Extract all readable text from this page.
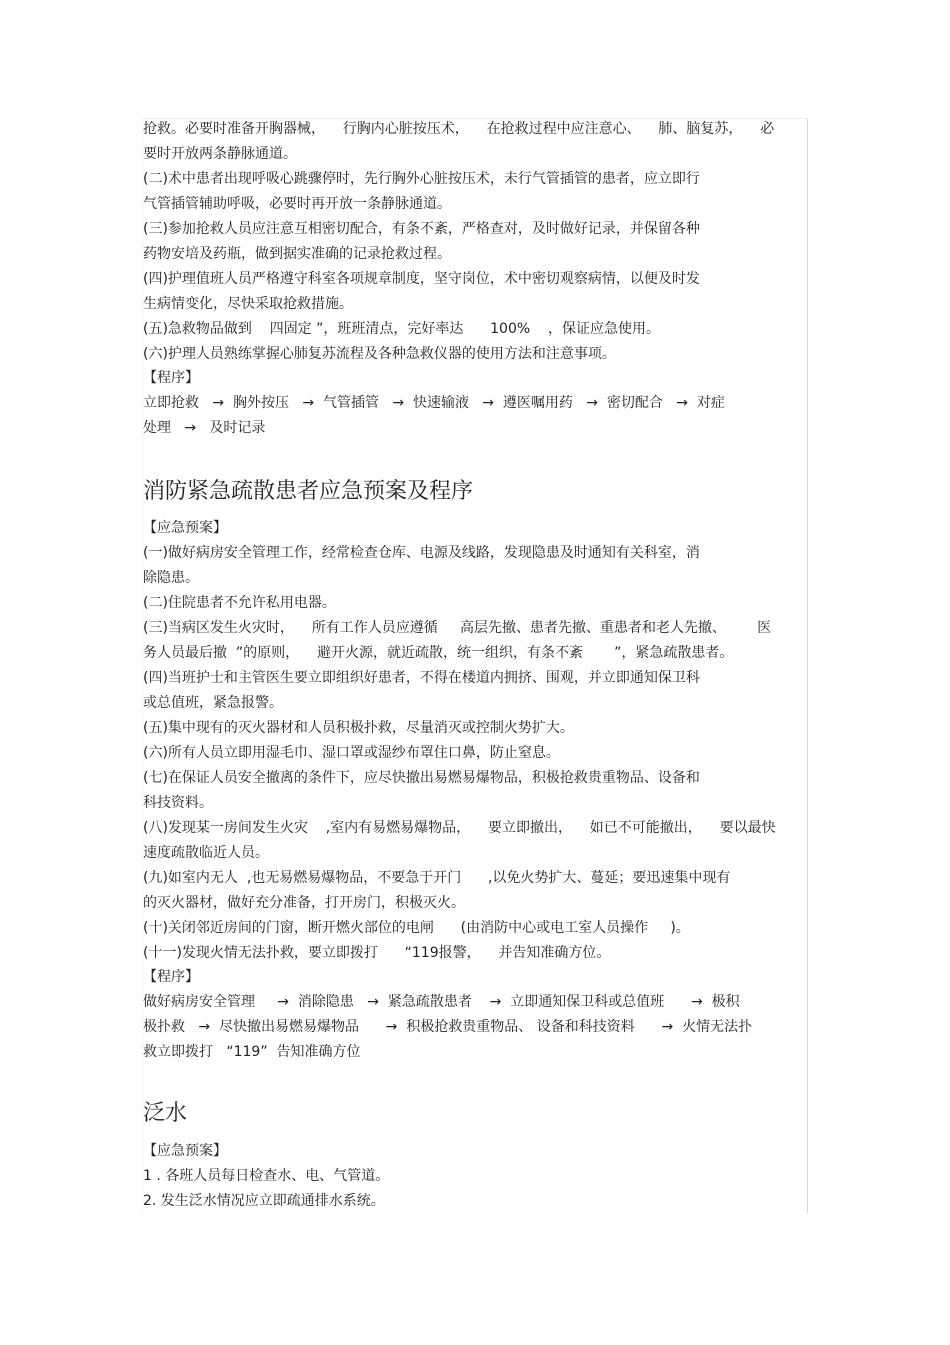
抢救。必要时准备开胸器械，    行胸内心脏按压术，    在抢救过程中应注意心、    肺、脑复苏，    必
要时开放两条静脉通道。
(二)术中患者出现呼吸心跳骤停时，先行胸外心脏按压术，未行气管插管的患者，应立即行
气管插管辅助呼吸，必要时再开放一条静脉通道。
(三)参加抢救人员应注意互相密切配合，有条不紊，严格查对，及时做好记录，并保留各种
药物安培及药瓶，做到据实准确的记录抢救过程。
(四)护理值班人员严格遵守科室各项规章制度，坚守岗位，术中密切观察病情，以便及时发
生病情变化，尽快采取抢救措施。
(五)急救物品做到    四固定 ”，班班清点，完好率达      100%    ，保证应急使用。
(六)护理人员熟练掌握心肺复苏流程及各种急救仪器的使用方法和注意事项。
【程序】
立即抢救   →  胸外按压   →  气管插管   →  快速输液   →  遵医嘱用药   →  密切配合   →  对症
处理   →   及时记录
消防紧急疏散患者应急预案及程序
【应急预案】
(一)做好病房安全管理工作，经常检查仓库、电源及线路，发现隐患及时通知有关科室，消
除隐患。
(二)住院患者不允许私用电器。
(三)当病区发生火灾时，    所有工作人员应遵循     高层先撤、患者先撤、重患者和老人先撤、       医
务人员最后撤  ”的原则，    避开火源，就近疏散，统一组织，有条不紊       ”，紧急疏散患者。
(四)当班护士和主管医生要立即组织好患者，不得在楼道内拥挤、围观，并立即通知保卫科
或总值班，紧急报警。
(五)集中现有的灭火器材和人员积极扑救，尽量消灭或控制火势扩大。
(六)所有人员立即用湿毛巾、湿口罩或湿纱布罩住口鼻，防止窒息。
(七)在保证人员安全撤离的条件下，应尽快撤出易燃易爆物品，积极抢救贵重物品、设备和
科技资料。
(八)发现某一房间发生火灾    ,室内有易燃易爆物品，    要立即撤出，    如已不可能撤出，    要以最快
速度疏散临近人员。
(九)如室内无人  ,也无易燃易爆物品，不要急于开门      ,以免火势扩大、蔓延；要迅速集中现有
的灭火器材，做好充分准备，打开房门，积极灭火。
(十)关闭邻近房间的门窗，断开燃火部位的电闸      (由消防中心或电工室人员操作     )。
(十一)发现火情无法扑救，要立即拨打      “119报警，    并告知准确方位。
【程序】
做好病房安全管理     →  消除隐患   →  紧急疏散患者    →  立即通知保卫科或总值班      →  极积
极扑救   →  尽快撤出易燃易爆物品      →  积极抢救贵重物品、 设备和科技资料      →  火情无法扑
救立即拨打   “119”  告知准确方位
泛水
【应急预案】
1 . 各班人员每日检查水、电、气管道。
2. 发生泛水情况应立即疏通排水系统。
